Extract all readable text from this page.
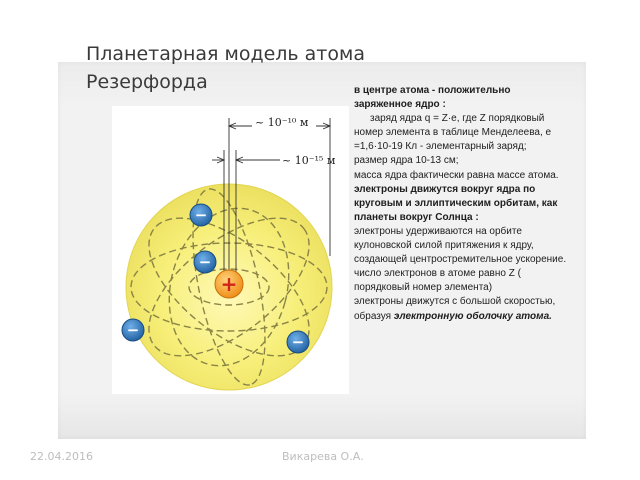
Планетарная модель атома
Резерфорда
~ 10⁻¹⁰ м
~ 10⁻¹⁵ м
+
−
−
−
−

в центре атома - положительно заряженное ядро :

заряд ядра q = Z·e, где Z порядковый номер элемента в таблице Менделеева, е =1,6·10-19 Кл - элементарный заряд;

размер ядра 10-13 см;

масса ядра фактически равна массе атома.

электроны движутся вокруг ядра по круговым и эллиптическим орбитам, как планеты вокруг Солнца :

электроны удерживаются на орбите кулоновской силой притяжения к ядру, создающей центростремительное ускорение.

число электронов в атоме равно Z ( порядковый номер элемента)

электроны движутся с большой скоростью, образуя электронную оболочку атома.

22.04.2016	Викарева О.А.
